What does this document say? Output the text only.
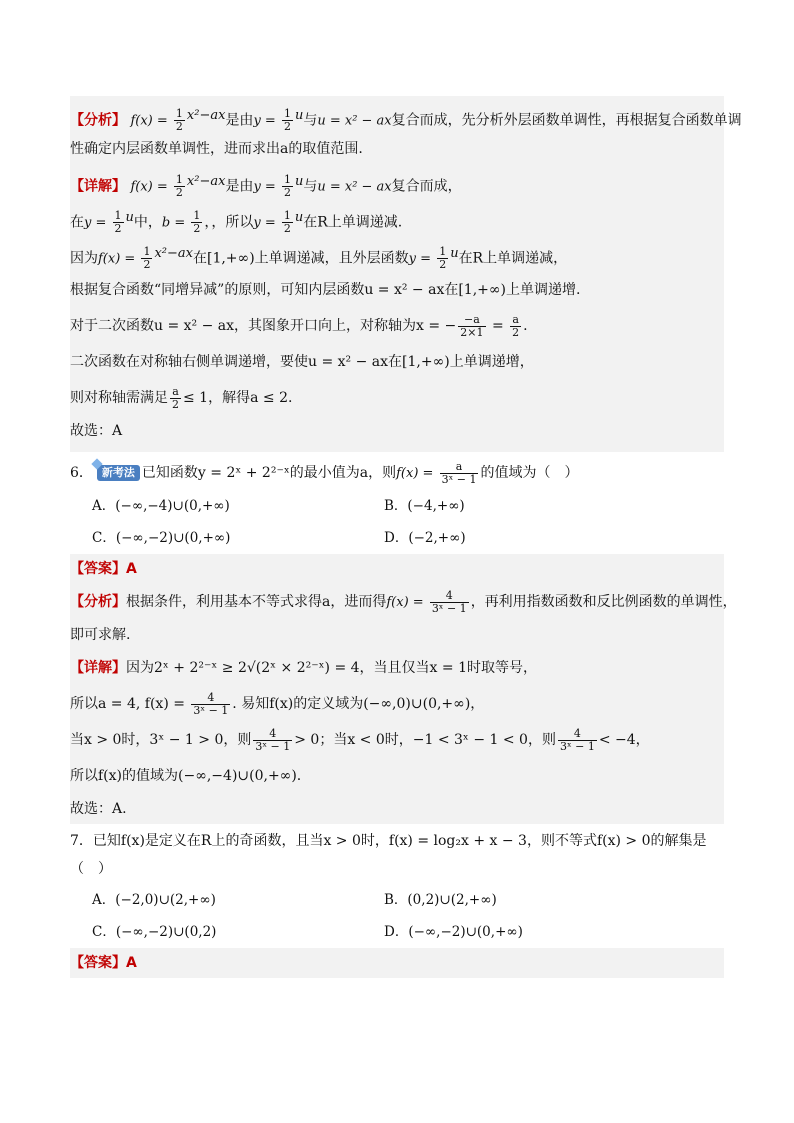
【分析】 $f(x) = \frac{1}{2} ^{x^2-ax}$是由$y = \frac{1}{2} ^u$与u = x² − ax复合而成，先分析外层函数单调性，再根据复合函数单调
性确定内层函数单调性，进而求出a的取值范围.
【详解】 $f(x) = \frac{1}{2} ^{x^2-ax}$是由$y = \frac{1}{2} ^u$与u = x² − ax复合而成，
在$y = \frac{1}{2} ^u$中，$b = \frac{1}{2}$ ，，所以$y = \frac{1}{2} ^u$在R上单调递减.
因为$f(x) = \frac{1}{2} ^{x^2-ax}$在[1,+∞)上单调递减，且外层函数$y = \frac{1}{2} ^u$在R上单调递减，
根据复合函数“同增异减”的原则，可知内层函数u = x² − ax在[1,+∞)上单调递增.
对于二次函数u = x² − ax，其图象开口向上，对称轴为x = − $\frac{-a}{2\times 1} = \frac{a}{2}$ .
二次函数在对称轴右侧单调递增，要使u = x² − ax在[1,+∞)上单调递增，
则对称轴需满足 $\frac{a}{2} \le 1$，解得a ≤ 2.
故选：A
6． 新考法 已知函数y = 2ˣ + 2²⁻ˣ的最小值为a，则$f(x) = \frac{a}{\text{3ˣ − 1}}$ 的值域为（　）
A．(−∞,−4)∪(0,+∞)	B．(−4,+∞)
C．(−∞,−2)∪(0,+∞)	D．(−2,+∞)
【答案】A
【分析】根据条件，利用基本不等式求得a，进而得$f(x) = \frac{4}{\text{3ˣ − 1}}$ ，再利用指数函数和反比例函数的单调性，
即可求解.
【详解】因为2ˣ + 2²⁻ˣ ≥ 2√(2ˣ × 2²⁻ˣ) = 4，当且仅当x = 1时取等号，
所以a = 4, $f(x) = \frac{4}{\text{3ˣ − 1}}$ . 易知f(x)的定义域为(−∞,0)∪(0,+∞)，
当x > 0时，3ˣ − 1 > 0，则 $\frac{4}{\text{3ˣ − 1}} > 0$；当x < 0时，−1 < 3ˣ − 1 < 0，则 $\frac{4}{\text{3ˣ − 1}} < -4$，
所以f(x)的值域为(−∞,−4)∪(0,+∞).
故选：A.
7．已知f(x)是定义在R上的奇函数，且当x > 0时，f(x) = log₂x + x − 3，则不等式f(x) > 0的解集是
（　）
A．(−2,0)∪(2,+∞)	B．(0,2)∪(2,+∞)
C．(−∞,−2)∪(0,2)	D．(−∞,−2)∪(0,+∞)
【答案】A
